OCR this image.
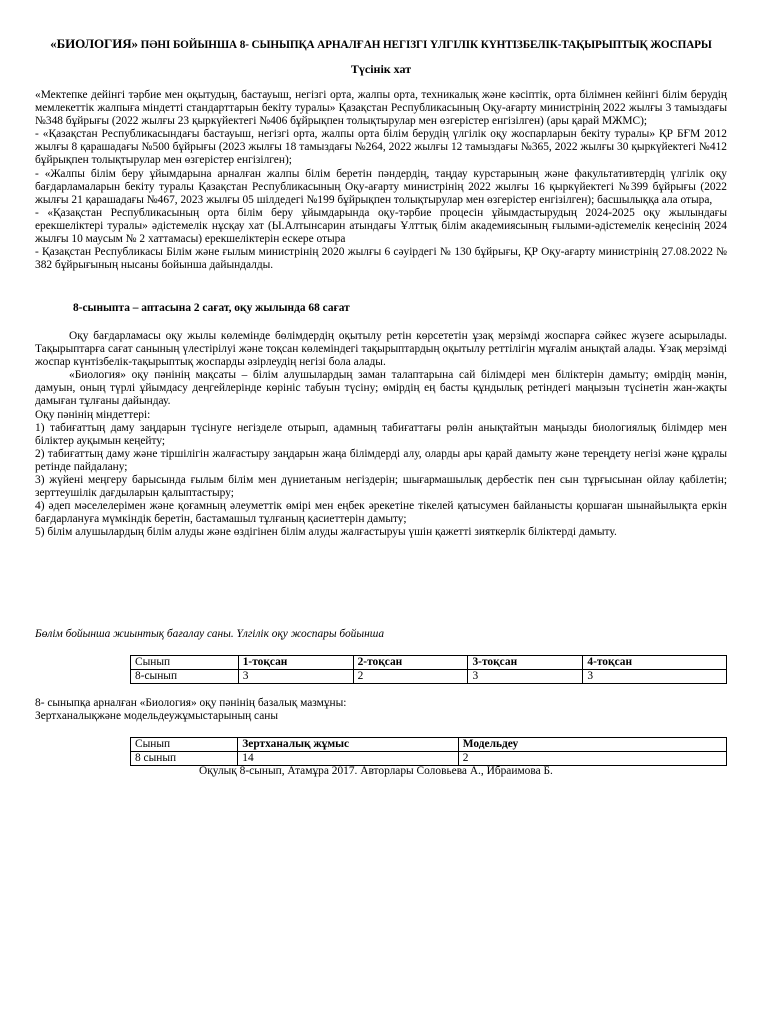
«БИОЛОГИЯ» ПӘНІ БОЙЫНША 8- СЫНЫПҚА АРНАЛҒАН НЕГІЗГІ ҮЛГІЛІК КҮНТІЗБЕЛІК-ТАҚЫРЫПТЫҚ ЖОСПАРЫ
Түсінік хат

«Мектепке дейінгі тәрбие мен оқытудың, бастауыш, негізгі орта, жалпы орта, техникалық және кәсіптік, орта білімнен кейінгі білім берудің мемлекеттік жалпыға міндетті стандарттарын бекіту туралы» Қазақстан Республикасының Оқу-ағарту министрінің 2022 жылғы 3 тамыздағы №348 бұйрығы (2022 жылғы 23 қыркүйектегі №406 бұйрықпен толықтырулар мен өзгерістер енгізілген) (ары қарай МЖМС);

- «Қазақстан Республикасындағы бастауыш, негізгі орта, жалпы орта білім берудің үлгілік оқу жоспарларын бекіту туралы» ҚР БҒМ 2012 жылғы 8 қарашадағы №500 бұйрығы (2023 жылғы 18 тамыздағы №264, 2022 жылғы 12 тамыздағы №365, 2022 жылғы 30 қыркүйектегі №412 бұйрықпен толықтырулар мен өзгерістер енгізілген);

- «Жалпы білім беру ұйымдарына арналған жалпы білім беретін пәндердің, таңдау курстарының және факультативтердің үлгілік оқу бағдарламаларын бекіту туралы Қазақстан Республикасының Оқу-ағарту министрінің 2022 жылғы 16 қыркүйектегі №399 бұйрығы (2022 жылғы 21 қарашадағы №467, 2023 жылғы 05 шілдедегі №199 бұйрықпен толықтырулар мен өзгерістер енгізілген); басшылыққа ала отыра,

- «Қазақстан Республикасының орта білім беру ұйымдарында оқу-тәрбие процесін ұйымдастырудың 2024-2025 оқу жылындағы ерекшеліктері туралы» әдістемелік нұсқау хат (Ы.Алтынсарин атындағы Ұлттық білім академиясының ғылыми-әдістемелік кеңесінің 2024 жылғы 10 маусым № 2 хаттамасы) ерекшеліктерін ескере отыра

- Қазақстан Республикасы Білім және ғылым министрінің 2020 жылғы 6 сәуірдегі № 130 бұйрығы, ҚР Оқу-ағарту министрінің 27.08.2022 № 382 бұйрығының нысаны бойынша дайындалды.

8-сыныпта – аптасына 2 сағат, оқу жылында 68 сағат

Оқу бағдарламасы оқу жылы көлемінде бөлімдердің оқытылу ретін көрсететін ұзақ мерзімді жоспарға сәйкес жүзеге асырылады. Тақырыптарға сағат санының үлестірілуі және тоқсан көлеміндегі тақырыптардың оқытылу реттілігін мұғалім анықтай алады. Ұзақ мерзімді жоспар күнтізбелік-тақырыптық жоспарды әзірлеудің негізі бола алады.

«Биология» оқу пәнінің мақсаты – білім алушылардың заман талаптарына сай білімдері мен біліктерін дамыту; өмірдің мәнін, дамуын, оның түрлі ұйымдасу деңгейлерінде көрініс табуын түсіну; өмірдің ең басты құндылық ретіндегі маңызын түсінетін жан-жақты дамыған тұлғаны дайындау.

Оқу пәнінің міндеттері:

1) табиғаттың даму заңдарын түсінуге негізделе отырып, адамның табиғаттағы рөлін анықтайтын маңызды биологиялық білімдер мен біліктер ауқымын кеңейту;

2) табиғаттың даму және тіршілігін жалғастыру заңдарын жаңа білімдерді алу, оларды ары қарай дамыту және тереңдету негізі және құралы ретінде пайдалану;

3) жүйені меңгеру барысында ғылым білім мен дүниетаным негіздерін; шығармашылық дербестік пен сын тұрғысынан ойлау қабілетін; зерттеушілік дағдыларын қалыптастыру;

4) әдеп мәселелерімен және қоғамның әлеуметтік өмірі мен еңбек әрекетіне тікелей қатысумен байланысты қоршаған шынайылықта еркін бағдарлануға мүмкіндік беретін, бастамашыл тұлғаның қасиеттерін дамыту;

5) білім алушылардың білім алуды және өздігінен білім алуды жалғастыруы үшін қажетті зияткерлік біліктерді дамыту.

Бөлім бойынша жиынтық бағалау саны. Үлгілік оқу жоспары бойынша
Сынып	1-тоқсан	2-тоқсан	3-тоқсан	4-тоқсан
8-сынып	3	2	3	3
8- сыныпқа арналған «Биология» оқу пәнінің базалық мазмұны:
Зертханалықжәне модельдеужұмыстарының саны
Сынып	Зертханалық жұмыс	Модельдеу
8 сынып	14	2
Оқулық 8-сынып, Атамұра 2017. Авторлары Соловьева А., Ибраимова Б.
